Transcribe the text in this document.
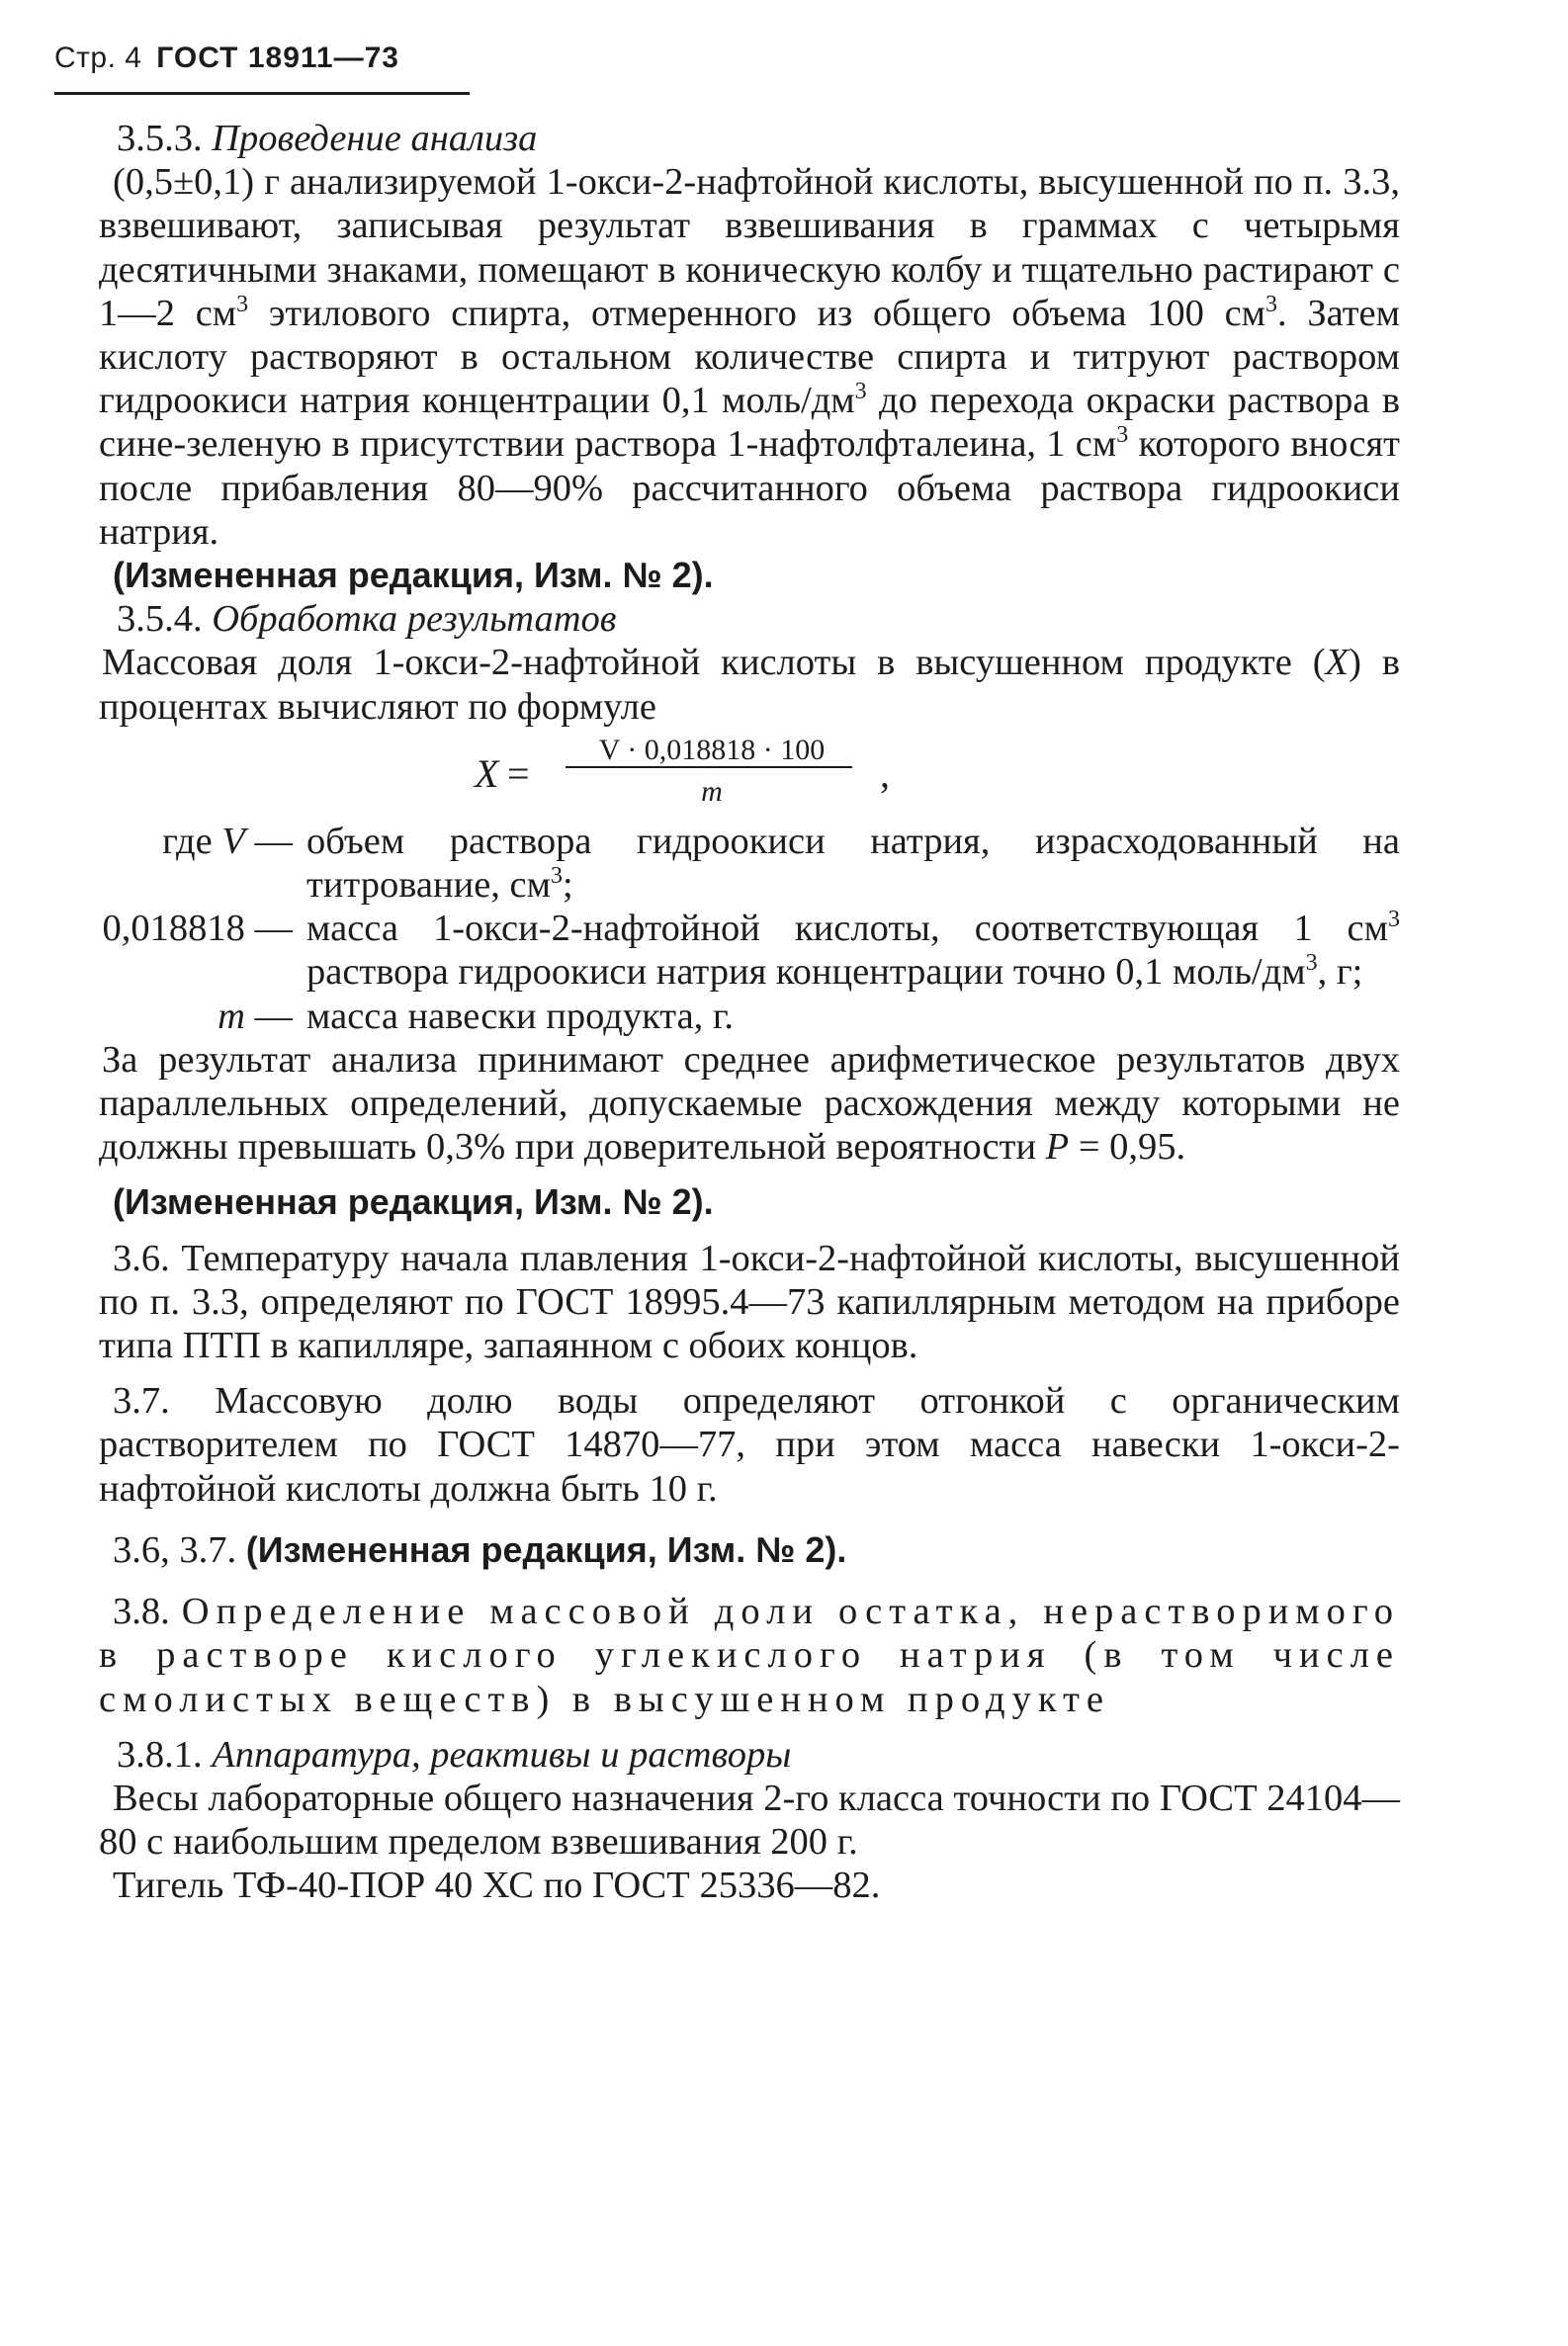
Стр. 4 ГОСТ 18911—73

3.5.3. Проведение анализа

(0,5±0,1) г анализируемой 1-окси-2-нафтойной кислоты, высушенной по п. 3.3, взвешивают, записывая результат взвешивания в граммах с четырьмя десятичными знаками, помещают в коническую колбу и тщательно растирают с 1—2 $см^3$ этилового спирта, отмеренного из общего объема 100 $см^3$. Затем кислоту растворяют в остальном количестве спирта и титруют раствором гидроокиси натрия концентрации 0,1 моль/$дм^3$ до перехода окраски раствора в сине-зеленую в присутствии раствора 1-нафтолфталеина, 1 $см^3$ которого вносят после прибавления 80—90% рассчитанного объема раствора гидроокиси натрия.

(Измененная редакция, Изм. № 2).

3.5.4. Обработка результатов

Массовая доля 1-окси-2-нафтойной кислоты в высушенном продукте (X) в процентах вычисляют по формуле

X =
V · 0,018818 · 100
m	,
где V — объем раствора гидроокиси натрия, израсходованный на титрование, $см^3$;
0,018818 — масса 1-окси-2-нафтойной кислоты, соответствующая 1 $см^3$ раствора гидроокиси натрия концентрации точно 0,1 моль/$дм^3$, г;
m — масса навески продукта, г.

За результат анализа принимают среднее арифметическое результатов двух параллельных определений, допускаемые расхождения между которыми не должны превышать 0,3% при доверительной вероятности P = 0,95.

(Измененная редакция, Изм. № 2).

3.6. Температуру начала плавления 1-окси-2-нафтойной кислоты, высушенной по п. 3.3, определяют по ГОСТ 18995.4—73 капиллярным методом на приборе типа ПТП в капилляре, запаянном с обоих концов.

3.7. Массовую долю воды определяют отгонкой с органическим растворителем по ГОСТ 14870—77, при этом масса навески 1-окси-2-нафтойной кислоты должна быть 10 г.

3.6, 3.7. (Измененная редакция, Изм. № 2).

3.8. Определение массовой доли остатка, нерастворимого в растворе кислого углекислого натрия (в том числе смолистых веществ) в высушенном продукте

3.8.1. Аппаратура, реактивы и растворы

Весы лабораторные общего назначения 2-го класса точности по ГОСТ 24104—80 с наибольшим пределом взвешивания 200 г.

Тигель ТФ-40-ПОР 40 ХС по ГОСТ 25336—82.
